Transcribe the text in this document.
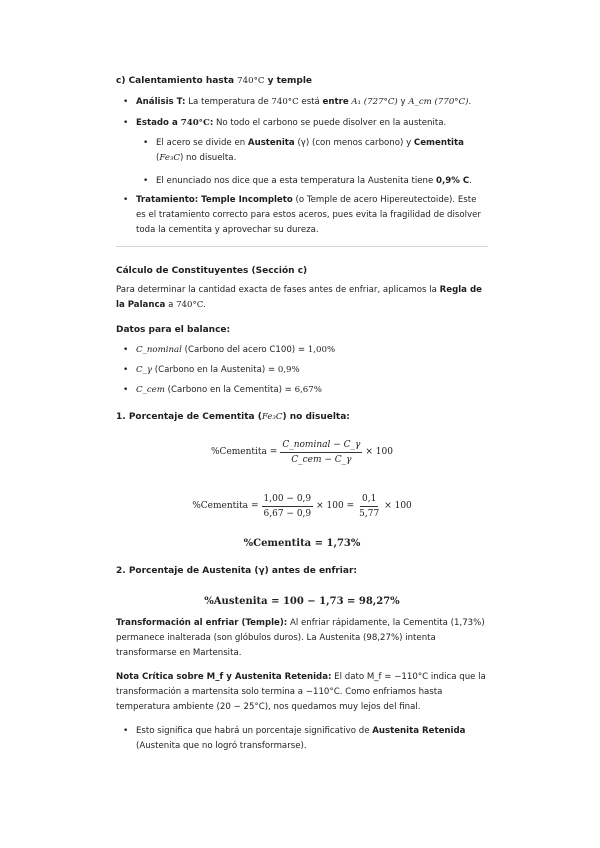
c) Calentamiento hasta 740°C y temple
• Análisis T: La temperatura de 740°C está entre A₁ (727°C) y A_cm (770°C).
• Estado a 740°C: No todo el carbono se puede disolver en la austenita.
• El acero se divide en Austenita (γ) (con menos carbono) y Cementita (Fe₃C) no disuelta.
• El enunciado nos dice que a esta temperatura la Austenita tiene 0,9% C.
• Tratamiento: Temple Incompleto (o Temple de acero Hipereutectoide). Este es el tratamiento correcto para estos aceros, pues evita la fragilidad de disolver toda la cementita y aprovechar su dureza.
Cálculo de Constituyentes (Sección c)
Para determinar la cantidad exacta de fases antes de enfriar, aplicamos la Regla de la Palanca a 740°C.
Datos para el balance:
• C_nominal (Carbono del acero C100) = 1,00%
• C_γ (Carbono en la Austenita) = 0,9%
• C_cem (Carbono en la Cementita) = 6,67%
1. Porcentaje de Cementita (Fe₃C) no disuelta:
%Cementita = $\frac{\text{C\_nominal − C\_γ}}{\text{C\_cem − C\_γ}} \times 100$
%Cementita = $\frac{1,00 - 0,9}{6,67 - 0,9} \times 100 = \frac{0,1}{5,77} \times 100$
%Cementita = 1,73%
2. Porcentaje de Austenita (γ) antes de enfriar:
%Austenita = 100 − 1,73 = 98,27%
Transformación al enfriar (Temple): Al enfriar rápidamente, la Cementita (1,73%) permanece inalterada (son glóbulos duros). La Austenita (98,27%) intenta transformarse en Martensita.
Nota Crítica sobre M_f y Austenita Retenida: El dato M_f = −110°C indica que la transformación a martensita solo termina a −110°C. Como enfriamos hasta temperatura ambiente (20 − 25°C), nos quedamos muy lejos del final.
• Esto significa que habrá un porcentaje significativo de Austenita Retenida (Austenita que no logró transformarse).
